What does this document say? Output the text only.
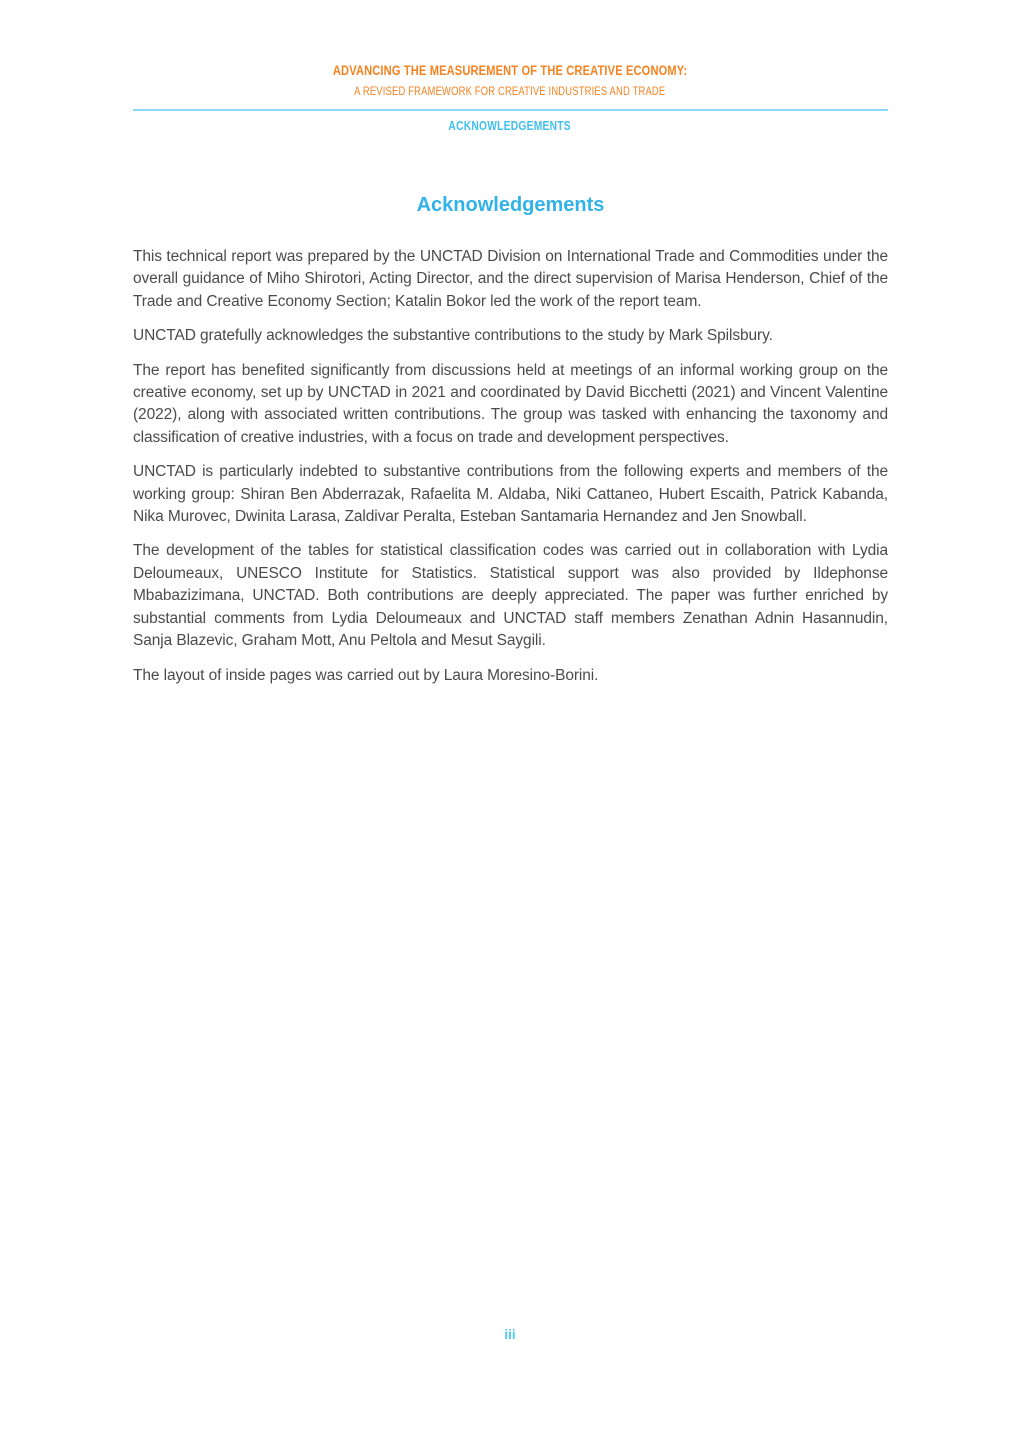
ADVANCING THE MEASUREMENT OF THE CREATIVE ECONOMY:
A REVISED FRAMEWORK FOR CREATIVE INDUSTRIES AND TRADE
ACKNOWLEDGEMENTS
Acknowledgements

This technical report was prepared by the UNCTAD Division on International Trade and Commodities under the overall guidance of Miho Shirotori, Acting Director, and the direct supervision of Marisa Henderson, Chief of the Trade and Creative Economy Section; Katalin Bokor led the work of the report team.

UNCTAD gratefully acknowledges the substantive contributions to the study by Mark Spilsbury.

The report has benefited significantly from discussions held at meetings of an informal working group on the creative economy, set up by UNCTAD in 2021 and coordinated by David Bicchetti (2021) and Vincent Valentine (2022), along with associated written contributions. The group was tasked with enhancing the taxonomy and classification of creative industries, with a focus on trade and development perspectives.

UNCTAD is particularly indebted to substantive contributions from the following experts and members of the working group: Shiran Ben Abderrazak, Rafaelita M. Aldaba, Niki Cattaneo, Hubert Escaith, Patrick Kabanda, Nika Murovec, Dwinita Larasa, Zaldivar Peralta, Esteban Santamaria Hernandez and Jen Snowball.

The development of the tables for statistical classification codes was carried out in collaboration with Lydia Deloumeaux, UNESCO Institute for Statistics. Statistical support was also provided by Ildephonse Mbabazizimana, UNCTAD. Both contributions are deeply appreciated. The paper was further enriched by substantial comments from Lydia Deloumeaux and UNCTAD staff members Zenathan Adnin Hasannudin, Sanja Blazevic, Graham Mott, Anu Peltola and Mesut Saygili.

The layout of inside pages was carried out by Laura Moresino-Borini.

iii
